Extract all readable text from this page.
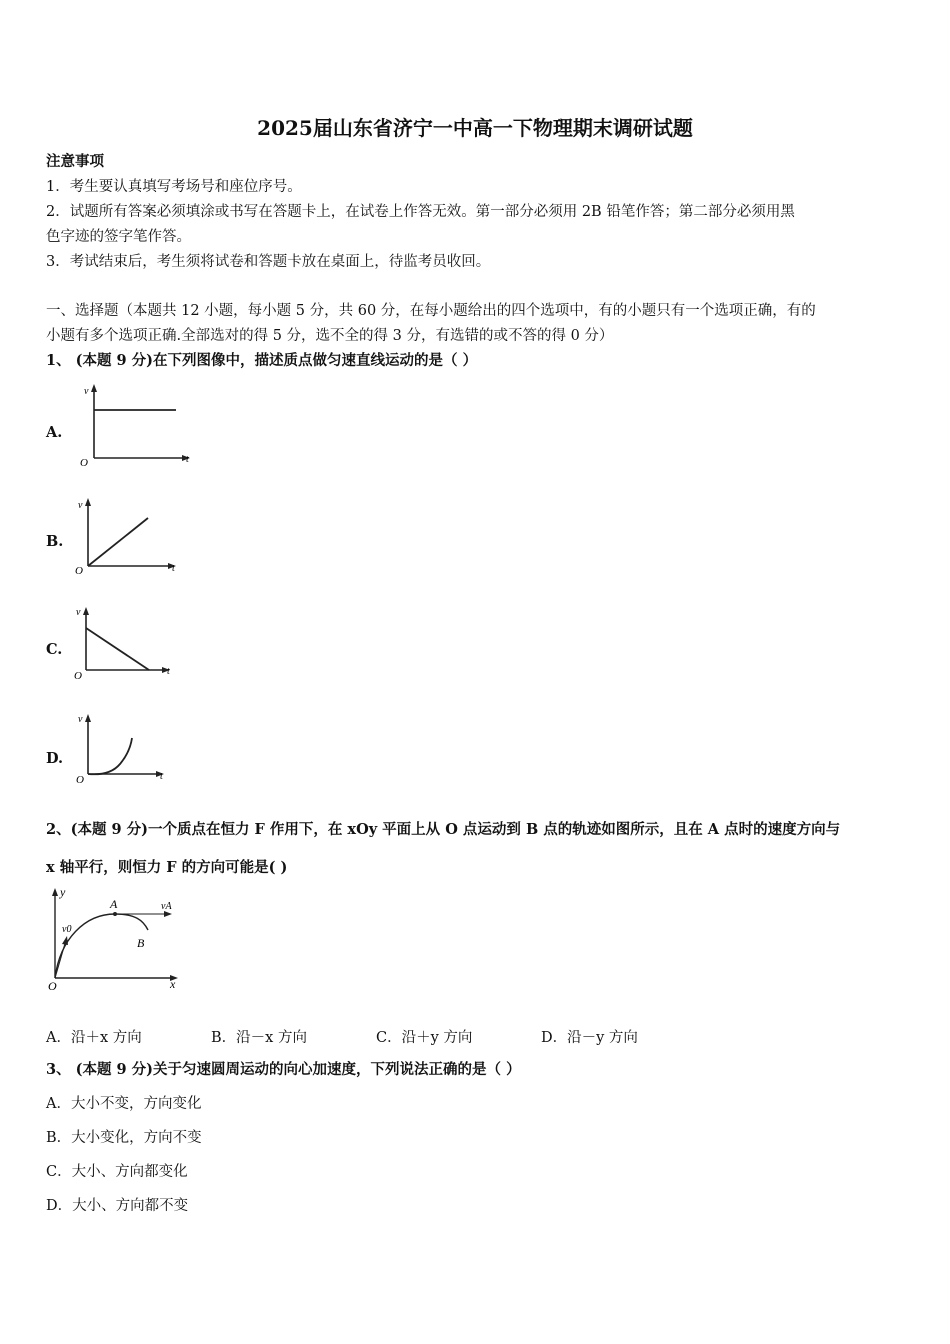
2025届山东省济宁一中高一下物理期末调研试题
注意事项
1．考生要认真填写考场号和座位序号。
2．试题所有答案必须填涂或书写在答题卡上，在试卷上作答无效。第一部分必须用 2B 铅笔作答；第二部分必须用黑
色字迹的签字笔作答。
3．考试结束后，考生须将试卷和答题卡放在桌面上，待监考员收回。
一、选择题（本题共 12 小题，每小题 5 分，共 60 分，在每小题给出的四个选项中，有的小题只有一个选项正确，有的
小题有多个选项正确.全部选对的得 5 分，选不全的得 3 分，有选错的或不答的得 0 分）
1、 (本题 9 分)在下列图像中，描述质点做匀速直线运动的是（ ）
A.
v
O	t
B.
v
O	t
C.
v
O	t
D.
v
O	t
2、(本题 9 分)一个质点在恒力 F 作用下，在 xOy 平面上从 O 点运动到 B 点的轨迹如图所示，且在 A 点时的速度方向与
x 轴平行，则恒力 F 的方向可能是( )
y
O	x
A
B
v0
vA
A．沿＋x 方向	B．沿－x 方向	C．沿＋y 方向	D．沿－y 方向
3、 (本题 9 分)关于匀速圆周运动的向心加速度，下列说法正确的是（ ）
A．大小不变，方向变化
B．大小变化，方向不变
C．大小、方向都变化
D．大小、方向都不变
